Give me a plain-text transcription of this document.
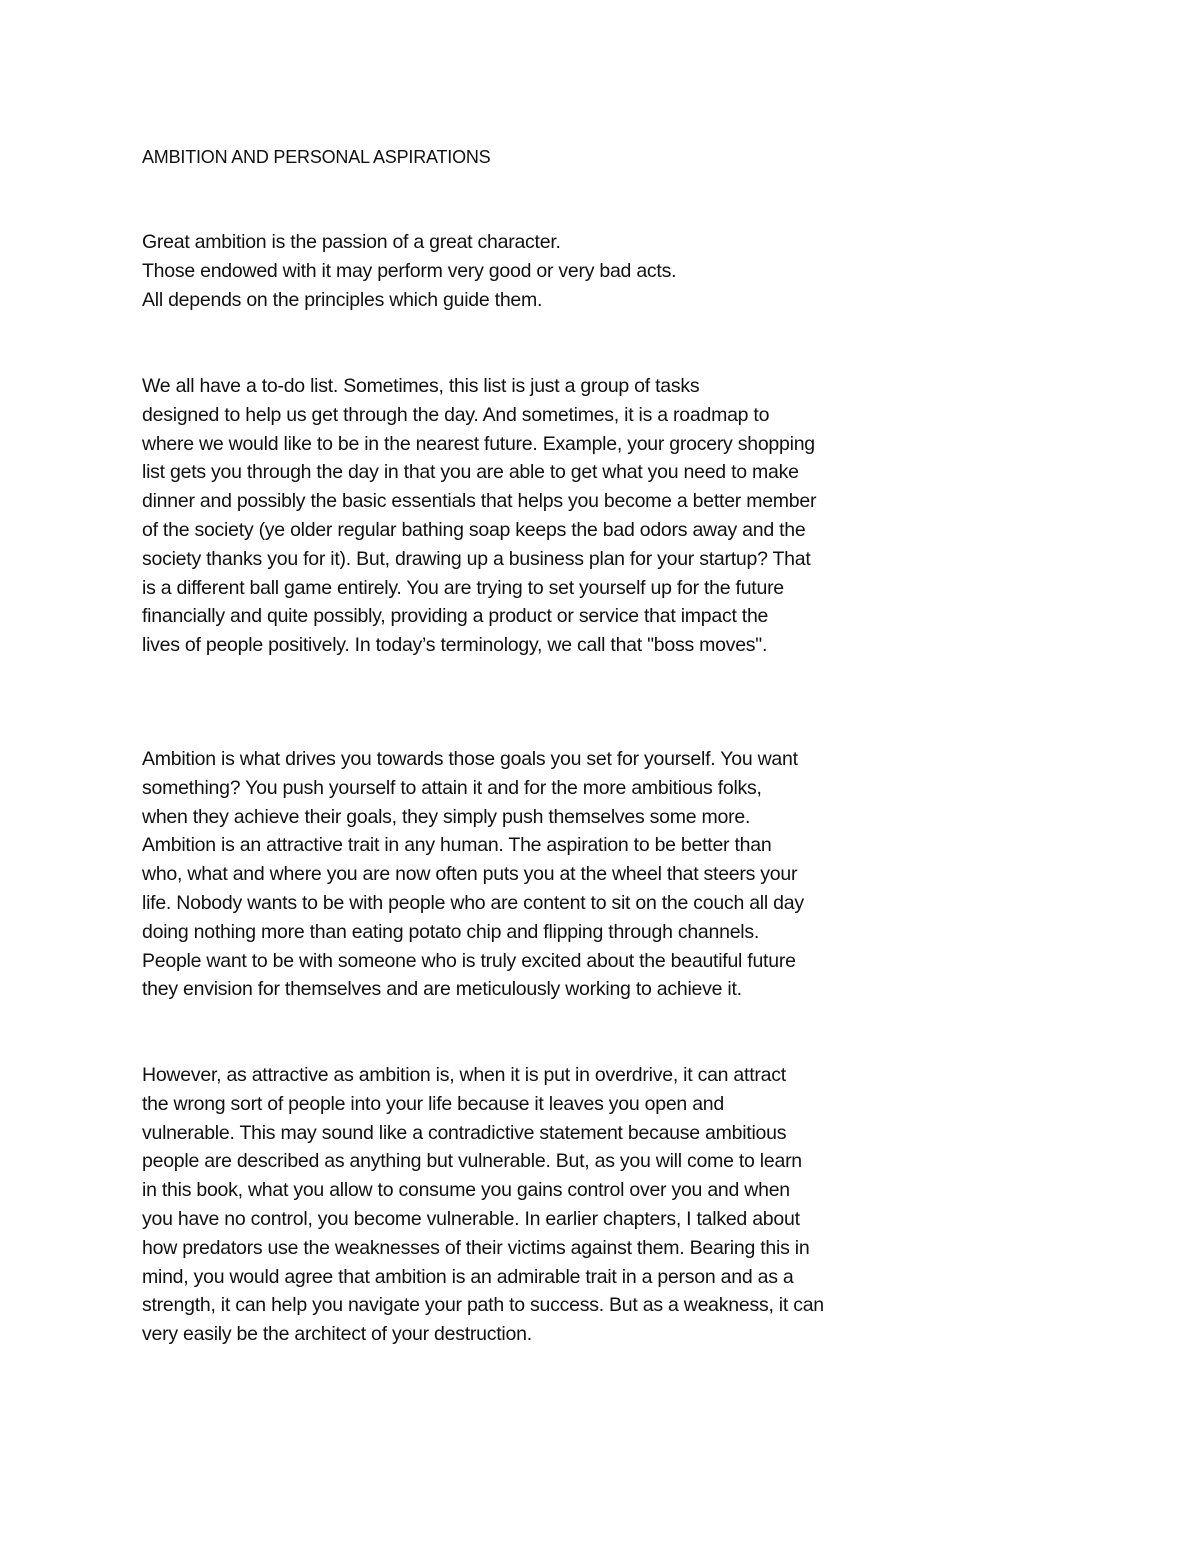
AMBITION AND PERSONAL ASPIRATIONS

Great ambition is the passion of a great character.
Those endowed with it may perform very good or very bad acts.
All depends on the principles which guide them.

We all have a to-do list. Sometimes, this list is just a group of tasks
designed to help us get through the day. And sometimes, it is a roadmap to
where we would like to be in the nearest future. Example, your grocery shopping
list gets you through the day in that you are able to get what you need to make
dinner and possibly the basic essentials that helps you become a better member
of the society (ye older regular bathing soap keeps the bad odors away and the
society thanks you for it). But, drawing up a business plan for your startup? That
is a different ball game entirely. You are trying to set yourself up for the future
financially and quite possibly, providing a product or service that impact the
lives of people positively. In today’s terminology, we call that "boss moves".

Ambition is what drives you towards those goals you set for yourself. You want
something? You push yourself to attain it and for the more ambitious folks,
when they achieve their goals, they simply push themselves some more.
Ambition is an attractive trait in any human. The aspiration to be better than
who, what and where you are now often puts you at the wheel that steers your
life. Nobody wants to be with people who are content to sit on the couch all day
doing nothing more than eating potato chip and flipping through channels.
People want to be with someone who is truly excited about the beautiful future
they envision for themselves and are meticulously working to achieve it.

However, as attractive as ambition is, when it is put in overdrive, it can attract
the wrong sort of people into your life because it leaves you open and
vulnerable. This may sound like a contradictive statement because ambitious
people are described as anything but vulnerable. But, as you will come to learn
in this book, what you allow to consume you gains control over you and when
you have no control, you become vulnerable. In earlier chapters, I talked about
how predators use the weaknesses of their victims against them. Bearing this in
mind, you would agree that ambition is an admirable trait in a person and as a
strength, it can help you navigate your path to success. But as a weakness, it can
very easily be the architect of your destruction.
